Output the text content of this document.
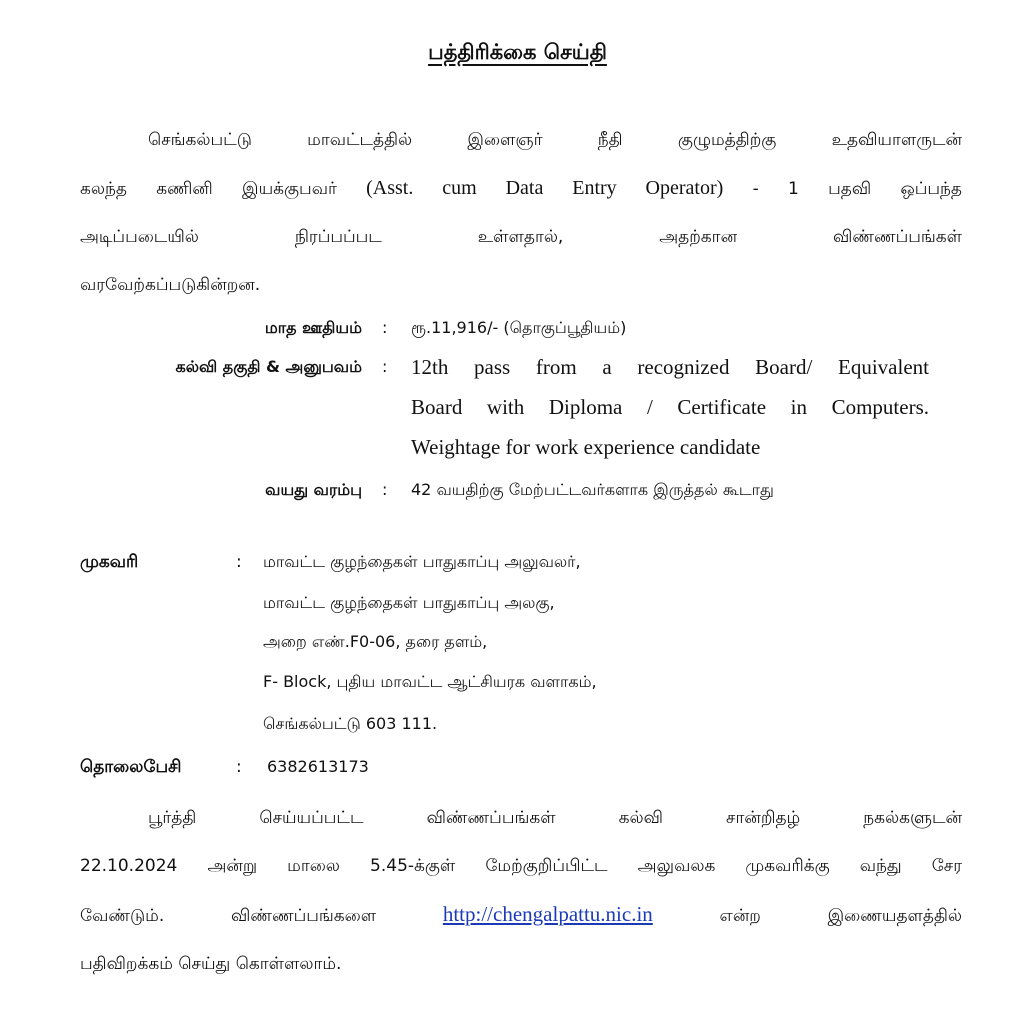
பத்திரிக்கை செய்தி
செங்கல்பட்டு மாவட்டத்தில் இளைஞர் நீதி குழுமத்திற்கு உதவியாளருடன்
கலந்த கணினி இயக்குபவர் (Asst. cum Data Entry Operator) - 1 பதவி ஒப்பந்த
அடிப்படையில் நிரப்பப்பட உள்ளதால், அதற்கான விண்ணப்பங்கள்
வரவேற்கப்படுகின்றன.
மாத ஊதியம் : ரூ.11,916/- (தொகுப்பூதியம்)
கல்வி தகுதி & அனுபவம் : 12th pass from a recognized Board/ Equivalent
Board with Diploma / Certificate in Computers.
Weightage for work experience candidate
வயது வரம்பு : 42 வயதிற்கு மேற்பட்டவர்களாக இருத்தல் கூடாது
முகவரி	: மாவட்ட குழந்தைகள் பாதுகாப்பு அலுவலர்,
மாவட்ட குழந்தைகள் பாதுகாப்பு அலகு,
அறை எண்.F0-06, தரை தளம்,
F- Block, புதிய மாவட்ட ஆட்சியரக வளாகம்,
செங்கல்பட்டு 603 111.
தொலைபேசி	: 6382613173
பூர்த்தி செய்யப்பட்ட விண்ணப்பங்கள் கல்வி சான்றிதழ் நகல்களுடன்
22.10.2024 அன்று மாலை 5.45-க்குள் மேற்குறிப்பிட்ட அலுவலக முகவரிக்கு வந்து சேர
வேண்டும். விண்ணப்பங்களை http://chengalpattu.nic.in என்ற இணையதளத்தில்
பதிவிறக்கம் செய்து கொள்ளலாம்.
